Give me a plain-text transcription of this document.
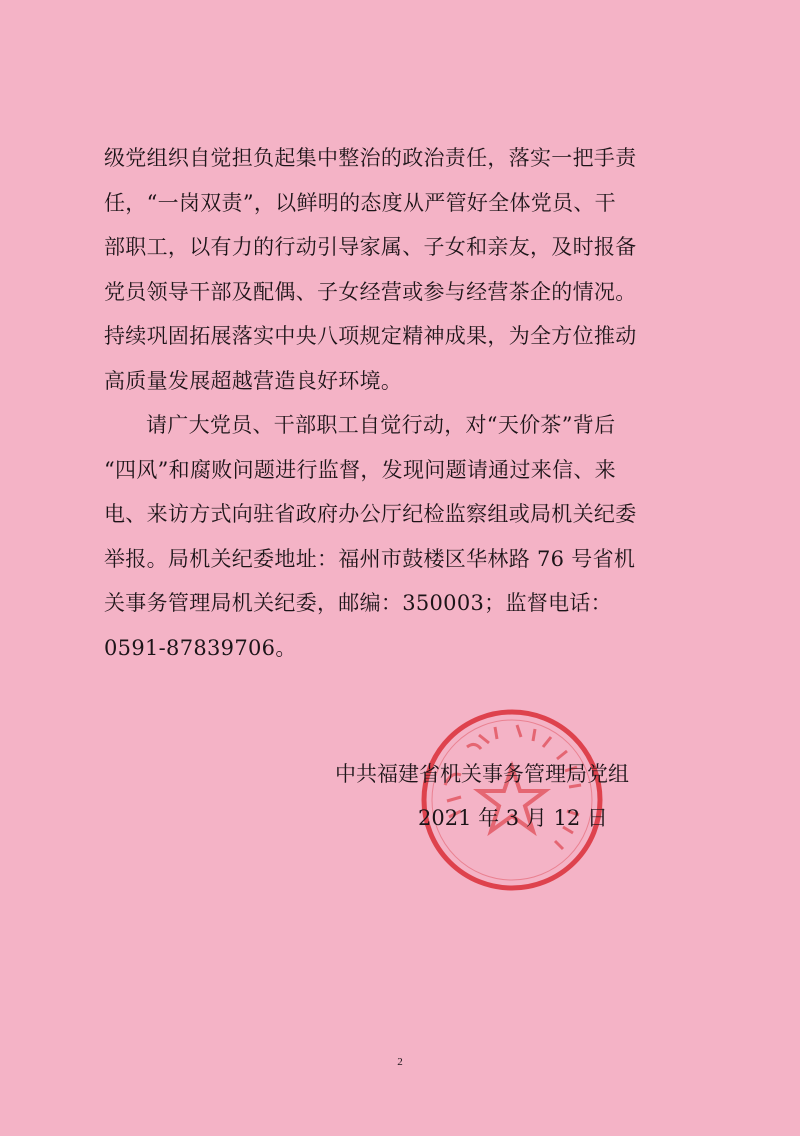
级党组织自觉担负起集中整治的政治责任，落实一把手责
任，“一岗双责”，以鲜明的态度从严管好全体党员、干
部职工，以有力的行动引导家属、子女和亲友，及时报备
党员领导干部及配偶、子女经营或参与经营茶企的情况。
持续巩固拓展落实中央八项规定精神成果，为全方位推动
高质量发展超越营造良好环境。
请广大党员、干部职工自觉行动，对“天价茶”背后
“四风”和腐败问题进行监督，发现问题请通过来信、来
电、来访方式向驻省政府办公厅纪检监察组或局机关纪委
举报。局机关纪委地址：福州市鼓楼区华林路 76 号省机
关事务管理局机关纪委，邮编：350003；监督电话：
0591-87839706。
中共福建省机关事务管理局党组
2021 年 3 月 12 日
2
